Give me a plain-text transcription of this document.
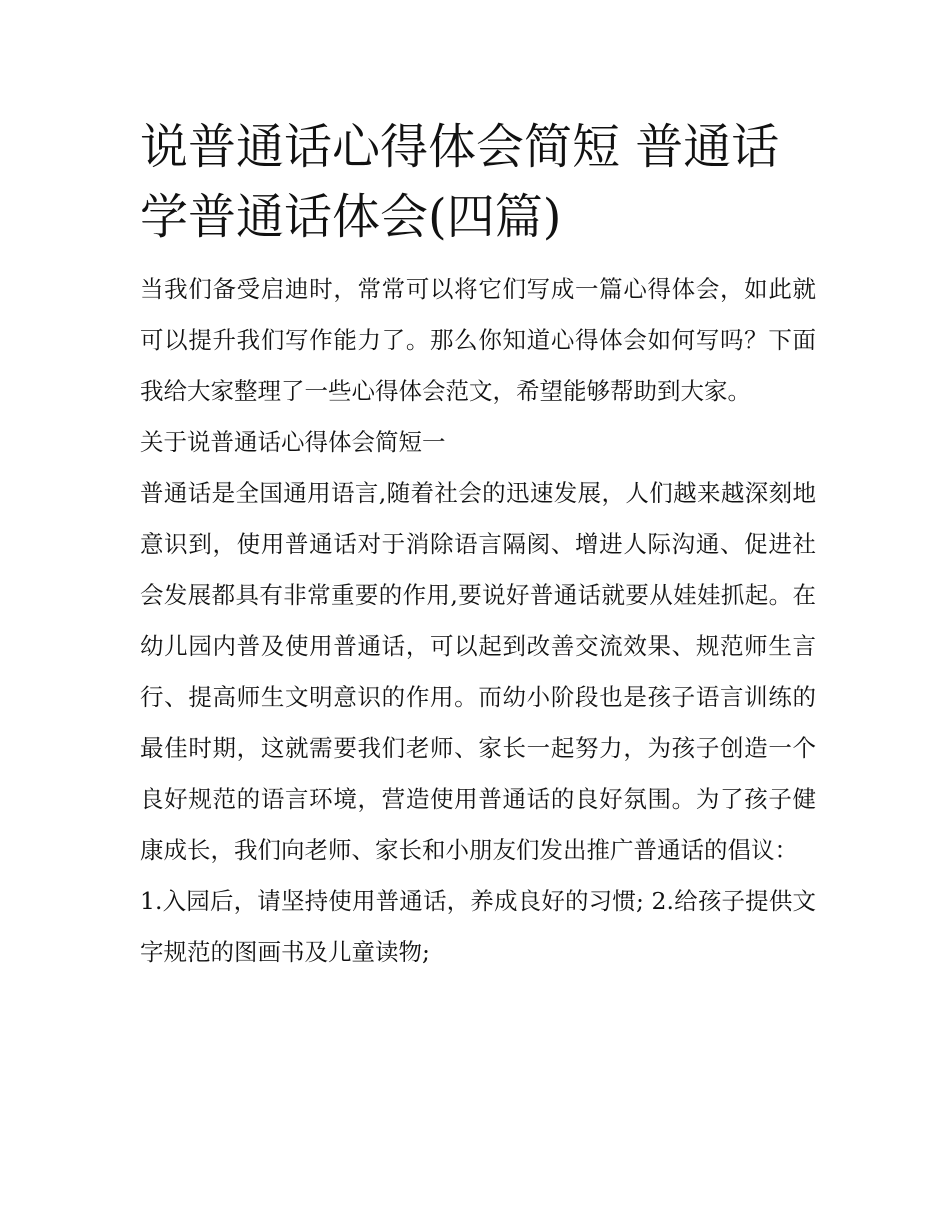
说普通话心得体会简短 普通话
学普通话体会(四篇)

当我们备受启迪时，常常可以将它们写成一篇心得体会，如此就可以提升我们写作能力了。那么你知道心得体会如何写吗？下面我给大家整理了一些心得体会范文，希望能够帮助到大家。

关于说普通话心得体会简短一

普通话是全国通用语言,随着社会的迅速发展，人们越来越深刻地意识到，使用普通话对于消除语言隔阂、增进人际沟通、促进社会发展都具有非常重要的作用,要说好普通话就要从娃娃抓起。在幼儿园内普及使用普通话，可以起到改善交流效果、规范师生言行、提高师生文明意识的作用。而幼小阶段也是孩子语言训练的最佳时期，这就需要我们老师、家长一起努力，为孩子创造一个良好规范的语言环境，营造使用普通话的良好氛围。为了孩子健康成长，我们向老师、家长和小朋友们发出推广普通话的倡议：

1.入园后，请坚持使用普通话，养成良好的习惯; 2.给孩子提供文字规范的图画书及儿童读物;
